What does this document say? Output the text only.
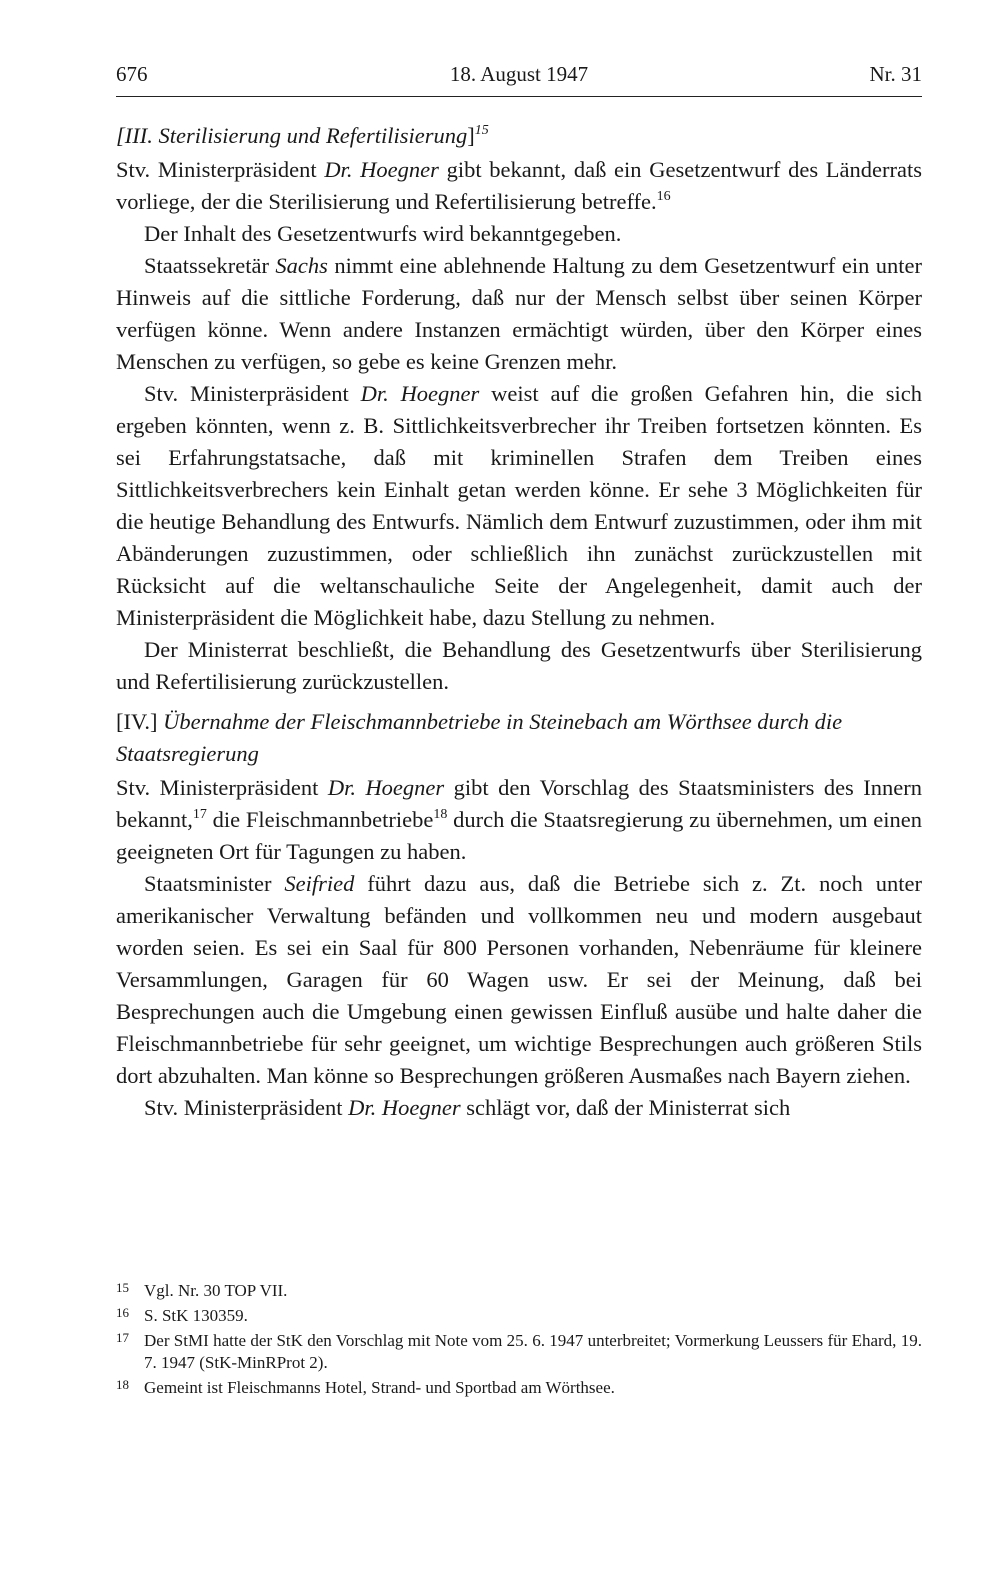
676	18. August 1947	Nr. 31

[III. Sterilisierung und Refertilisierung]$^{15}$

Stv. Ministerpräsident Dr. Hoegner gibt bekannt, daß ein Gesetzentwurf des Länderrats vorliege, der die Sterilisierung und Refertilisierung betreffe.$^{16}$

Der Inhalt des Gesetzentwurfs wird bekanntgegeben.

Staatssekretär Sachs nimmt eine ablehnende Haltung zu dem Gesetzentwurf ein unter Hinweis auf die sittliche Forderung, daß nur der Mensch selbst über seinen Körper verfügen könne. Wenn andere Instanzen ermächtigt würden, über den Körper eines Menschen zu verfügen, so gebe es keine Grenzen mehr.

Stv. Ministerpräsident Dr. Hoegner weist auf die großen Gefahren hin, die sich ergeben könnten, wenn z. B. Sittlichkeitsverbrecher ihr Treiben fortsetzen könnten. Es sei Erfahrungstatsache, daß mit kriminellen Strafen dem Treiben eines Sittlichkeitsverbrechers kein Einhalt getan werden könne. Er sehe 3 Möglichkeiten für die heutige Behandlung des Entwurfs. Nämlich dem Entwurf zuzustimmen, oder ihm mit Abänderungen zuzustimmen, oder schließlich ihn zunächst zurückzustellen mit Rücksicht auf die weltanschauliche Seite der Angelegenheit, damit auch der Ministerpräsident die Möglichkeit habe, dazu Stellung zu nehmen.

Der Ministerrat beschließt, die Behandlung des Gesetzentwurfs über Sterilisierung und Refertilisierung zurückzustellen.

[IV.] Übernahme der Fleischmannbetriebe in Steinebach am Wörthsee durch die Staatsregierung

Stv. Ministerpräsident Dr. Hoegner gibt den Vorschlag des Staatsministers des Innern bekannt,$^{17}$ die Fleischmannbetriebe$^{18}$ durch die Staatsregierung zu übernehmen, um einen geeigneten Ort für Tagungen zu haben.

Staatsminister Seifried führt dazu aus, daß die Betriebe sich z. Zt. noch unter amerikanischer Verwaltung befänden und vollkommen neu und modern ausgebaut worden seien. Es sei ein Saal für 800 Personen vorhanden, Nebenräume für kleinere Versammlungen, Garagen für 60 Wagen usw. Er sei der Meinung, daß bei Besprechungen auch die Umgebung einen gewissen Einfluß ausübe und halte daher die Fleischmannbetriebe für sehr geeignet, um wichtige Besprechungen auch größeren Stils dort abzuhalten. Man könne so Besprechungen größeren Ausmaßes nach Bayern ziehen.

Stv. Ministerpräsident Dr. Hoegner schlägt vor, daß der Ministerrat sich

15 Vgl. Nr. 30 TOP VII.

16 S. StK 130359.

17 Der StMI hatte der StK den Vorschlag mit Note vom 25. 6. 1947 unterbreitet; Vormerkung Leussers für Ehard, 19. 7. 1947 (StK-MinRProt 2).

18 Gemeint ist Fleischmanns Hotel, Strand- und Sportbad am Wörthsee.
